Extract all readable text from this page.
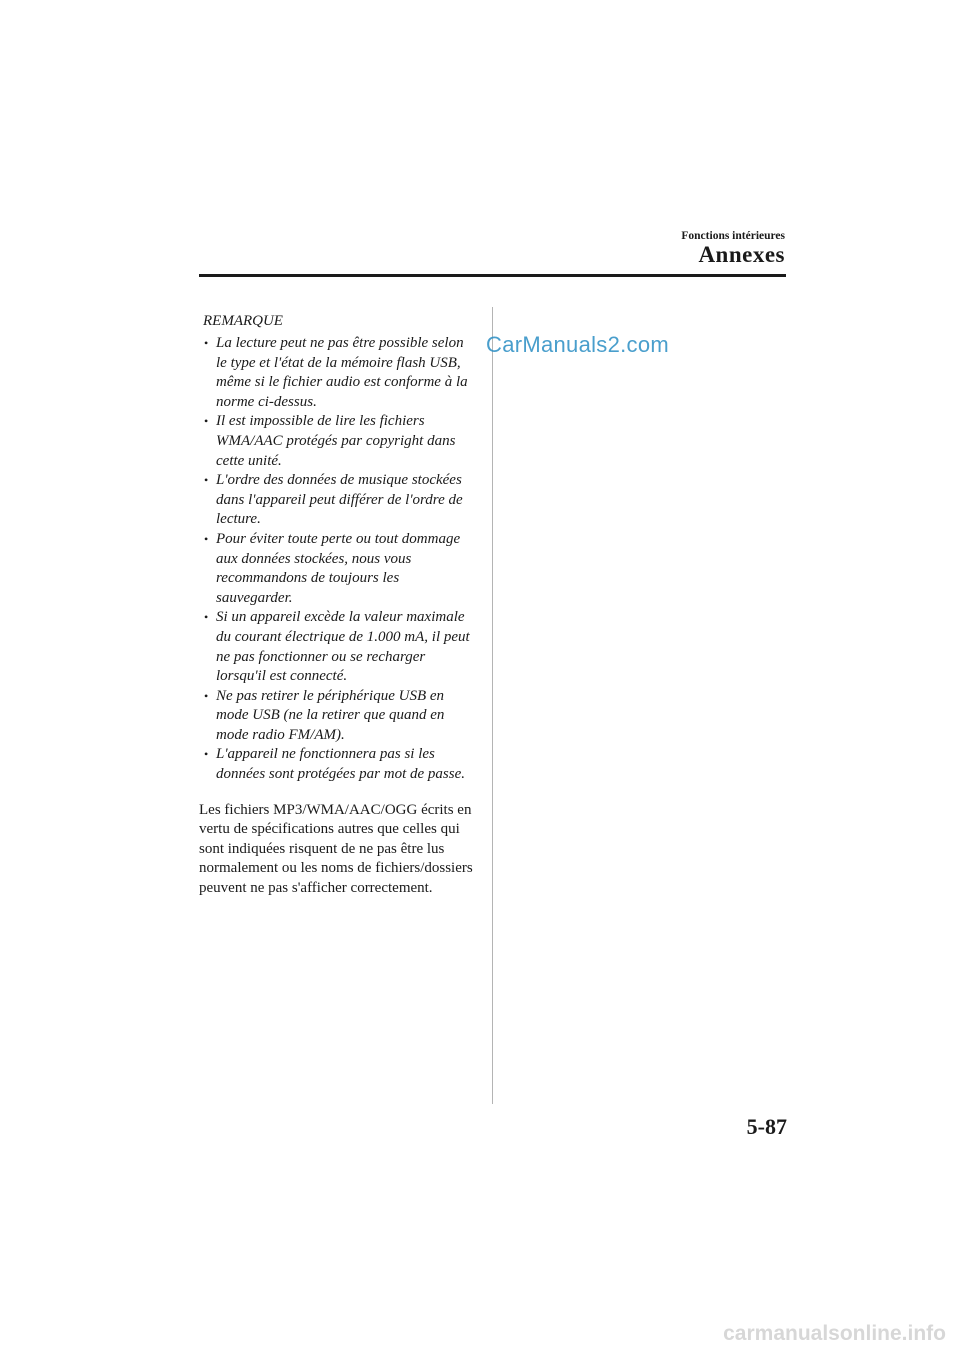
Fonctions intérieures
Annexes
CarManuals2.com
REMARQUE
• La lecture peut ne pas être possible selon le type et l'état de la mémoire flash USB, même si le fichier audio est conforme à la norme ci-dessus.
• Il est impossible de lire les fichiers WMA/AAC protégés par copyright dans cette unité.
• L'ordre des données de musique stockées dans l'appareil peut différer de l'ordre de lecture.
• Pour éviter toute perte ou tout dommage aux données stockées, nous vous recommandons de toujours les sauvegarder.
• Si un appareil excède la valeur maximale du courant électrique de 1.000 mA, il peut ne pas fonctionner ou se recharger lorsqu'il est connecté.
• Ne pas retirer le périphérique USB en mode USB (ne la retirer que quand en mode radio FM/AM).
• L'appareil ne fonctionnera pas si les données sont protégées par mot de passe.

Les fichiers MP3/WMA/AAC/OGG écrits en vertu de spécifications autres que celles qui sont indiquées risquent de ne pas être lus normalement ou les noms de fichiers/dossiers peuvent ne pas s'afficher correctement.

5-87
carmanualsonline.info
